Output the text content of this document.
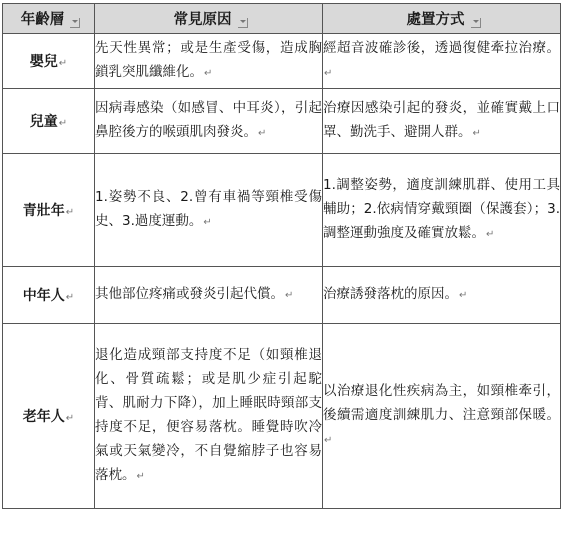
年齡層	常見原因	處置方式

嬰兒↵	先天性異常；或是生產受傷，造成胸鎖乳突肌纖維化。↵	經超音波確診後，透過復健牽拉治療。↵
兒童↵	因病毒感染（如感冒、中耳炎），引起鼻腔後方的喉頭肌肉發炎。↵	治療因感染引起的發炎，並確實戴上口罩、勤洗手、避開人群。↵
青壯年↵	1.姿勢不良、2.曾有車禍等頸椎受傷史、3.過度運動。↵	1.調整姿勢，適度訓練肌群、使用工具輔助；2.依病情穿戴頸圈（保護套）；3.調整運動強度及確實放鬆。↵
中年人↵	其他部位疼痛或發炎引起代償。↵	治療誘發落枕的原因。↵
老年人↵	退化造成頸部支持度不足（如頸椎退化、骨質疏鬆；或是肌少症引起駝背、肌耐力下降），加上睡眠時頸部支持度不足，便容易落枕。睡覺時吹冷氣或天氣變冷，不自覺縮脖子也容易落枕。↵	以治療退化性疾病為主，如頸椎牽引，後續需適度訓練肌力、注意頸部保暖。↵
